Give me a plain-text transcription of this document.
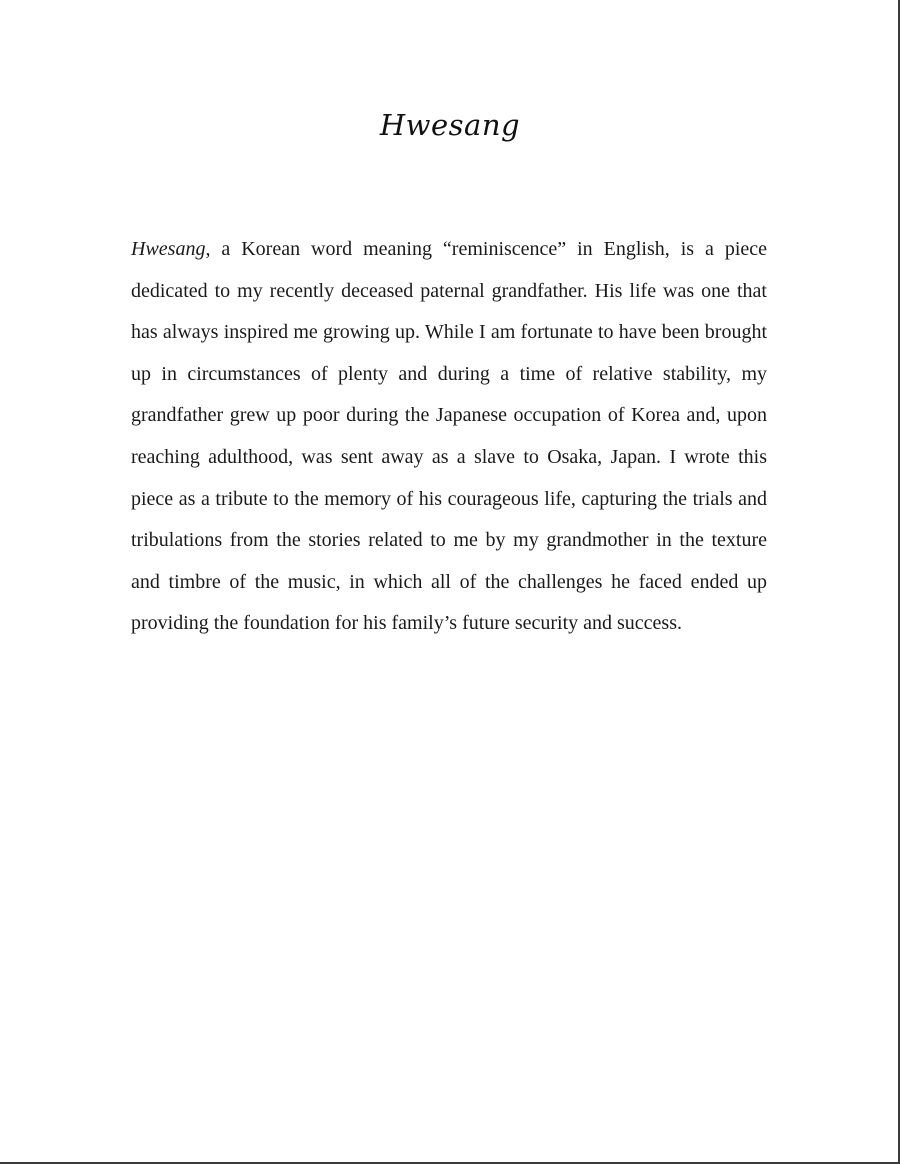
Hwesang

Hwesang, a Korean word meaning “reminiscence” in English, is a piece dedicated to my recently deceased paternal grandfather. His life was one that has always inspired me growing up. While I am fortunate to have been brought up in circumstances of plenty and during a time of relative stability, my grandfather grew up poor during the Japanese occupation of Korea and, upon reaching adulthood, was sent away as a slave to Osaka, Japan. I wrote this piece as a tribute to the memory of his courageous life, capturing the trials and tribulations from the stories related to me by my grandmother in the texture and timbre of the music, in which all of the challenges he faced ended up providing the foundation for his family’s future security and success.
